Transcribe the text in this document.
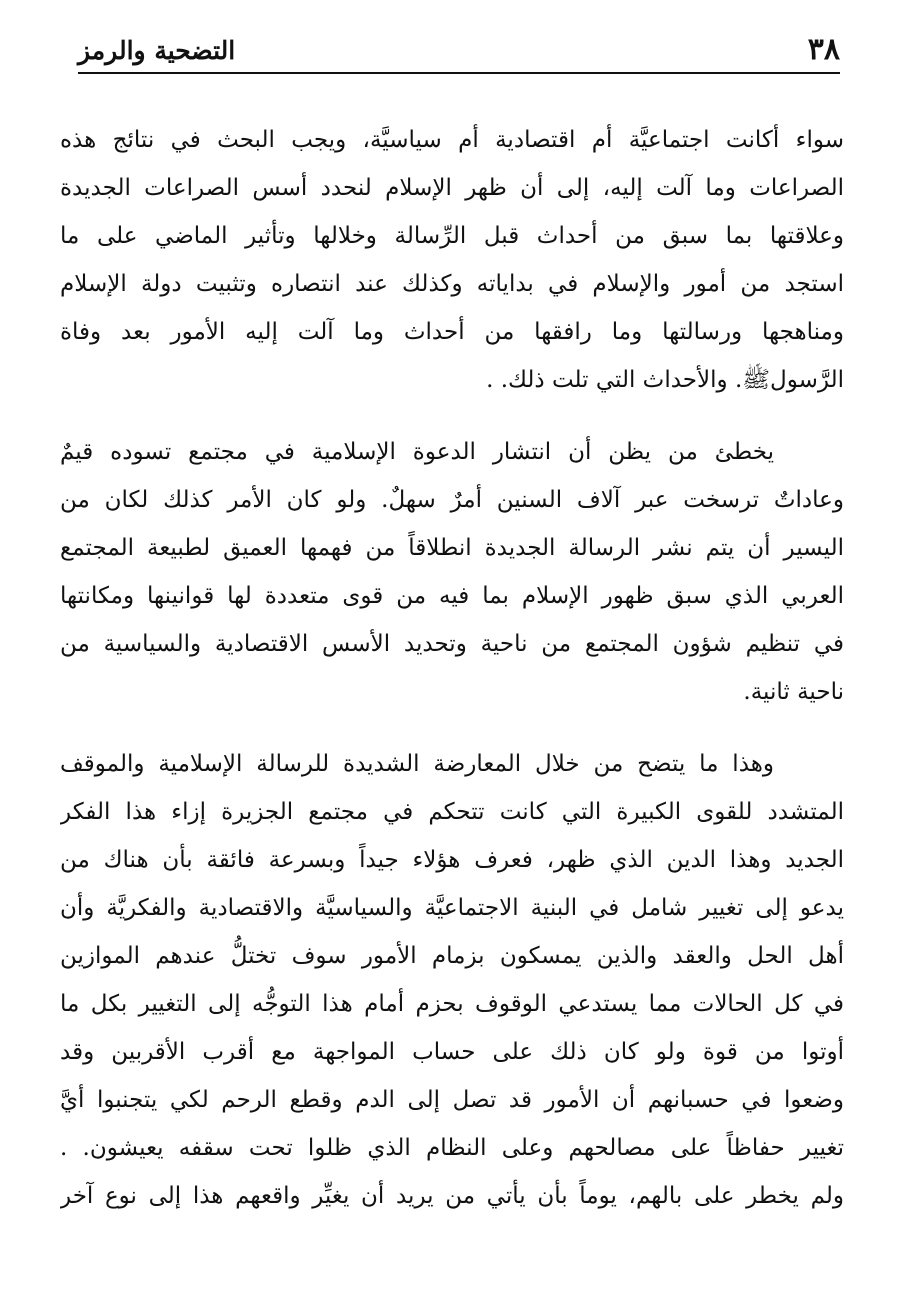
٣٨
التضحية والرمز
سواء أكانت اجتماعيَّة أم اقتصادية أم سياسيَّة، ويجب البحث في نتائج هذه
الصراعات وما آلت إليه، إلى أن ظهر الإسلام لنحدد أسس الصراعات الجديدة
وعلاقتها بما سبق من أحداث قبل الرِّسالة وخلالها وتأثير الماضي على ما
استجد من أمور والإسلام في بداياته وكذلك عند انتصاره وتثبيت دولة الإسلام
ومناهجها ورسالتها وما رافقها من أحداث وما آلت إليه الأمور بعد وفاة
الرَّسولﷺ. والأحداث التي تلت ذلك. .
يخطئ من يظن أن انتشار الدعوة الإسلامية في مجتمع تسوده قيمٌ
وعاداتٌ ترسخت عبر آلاف السنين أمرٌ سهلٌ. ولو كان الأمر كذلك لكان من
اليسير أن يتم نشر الرسالة الجديدة انطلاقاً من فهمها العميق لطبيعة المجتمع
العربي الذي سبق ظهور الإسلام بما فيه من قوى متعددة لها قوانينها ومكانتها
في تنظيم شؤون المجتمع من ناحية وتحديد الأسس الاقتصادية والسياسية من
ناحية ثانية.
وهذا ما يتضح من خلال المعارضة الشديدة للرسالة الإسلامية والموقف
المتشدد للقوى الكبيرة التي كانت تتحكم في مجتمع الجزيرة إزاء هذا الفكر
الجديد وهذا الدين الذي ظهر، فعرف هؤلاء جيداً وبسرعة فائقة بأن هناك من
يدعو إلى تغيير شامل في البنية الاجتماعيَّة والسياسيَّة والاقتصادية والفكريَّة وأن
أهل الحل والعقد والذين يمسكون بزمام الأمور سوف تختلُّ عندهم الموازين
في كل الحالات مما يستدعي الوقوف بحزم أمام هذا التوجُّه إلى التغيير بكل ما
أوتوا من قوة ولو كان ذلك على حساب المواجهة مع أقرب الأقربين وقد
وضعوا في حسبانهم أن الأمور قد تصل إلى الدم وقطع الرحم لكي يتجنبوا أيَّ
تغيير حفاظاً على مصالحهم وعلى النظام الذي ظلوا تحت سقفه يعيشون. .
ولم يخطر على بالهم، يوماً بأن يأتي من يريد أن يغيِّر واقعهم هذا إلى نوع آخر
